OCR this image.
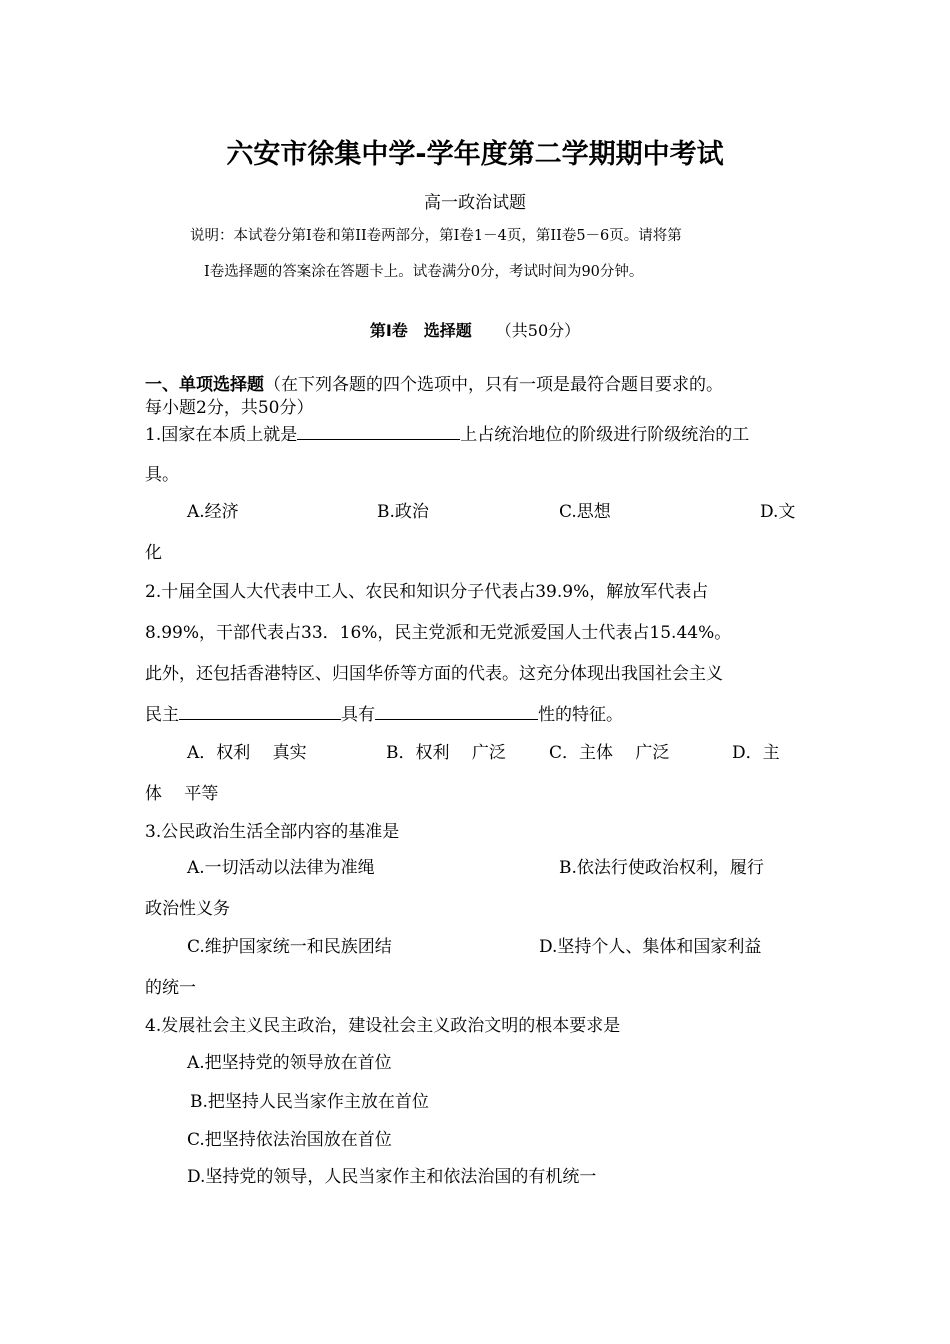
六安市徐集中学-学年度第二学期期中考试
高一政治试题
说明：本试卷分第Ⅰ卷和第II卷两部分，第Ⅰ卷1－4页，第II卷5－6页。请将第
Ⅰ卷选择题的答案涂在答题卡上。试卷满分0分，考试时间为90分钟。
第Ⅰ卷　选择题 （共50分）
一、单项选择题（在下列各题的四个选项中，只有一项是最符合题目要求的。
每小题2分，共50分）
1.国家在本质上就是	上占统治地位的阶级进行阶级统治的工
具。
A.经济	B.政治	C.思想	D.文
化
2.十届全国人大代表中工人、农民和知识分子代表占39.9%，解放军代表占
8.99%，干部代表占33．16%，民主党派和无党派爱国人士代表占15.44%。
此外，还包括香港特区、归国华侨等方面的代表。这充分体现出我国社会主义
民主	具有	性的特征。
A．权利　 真实	B．权利　 广泛	C．主体　 广泛	D．主
体　 平等
3.公民政治生活全部内容的基准是
A.一切活动以法律为准绳	B.依法行使政治权利，履行
政治性义务
C.维护国家统一和民族团结	D.坚持个人、集体和国家利益
的统一
4.发展社会主义民主政治，建设社会主义政治文明的根本要求是
A.把坚持党的领导放在首位
B.把坚持人民当家作主放在首位
C.把坚持依法治国放在首位
D.坚持党的领导，人民当家作主和依法治国的有机统一
